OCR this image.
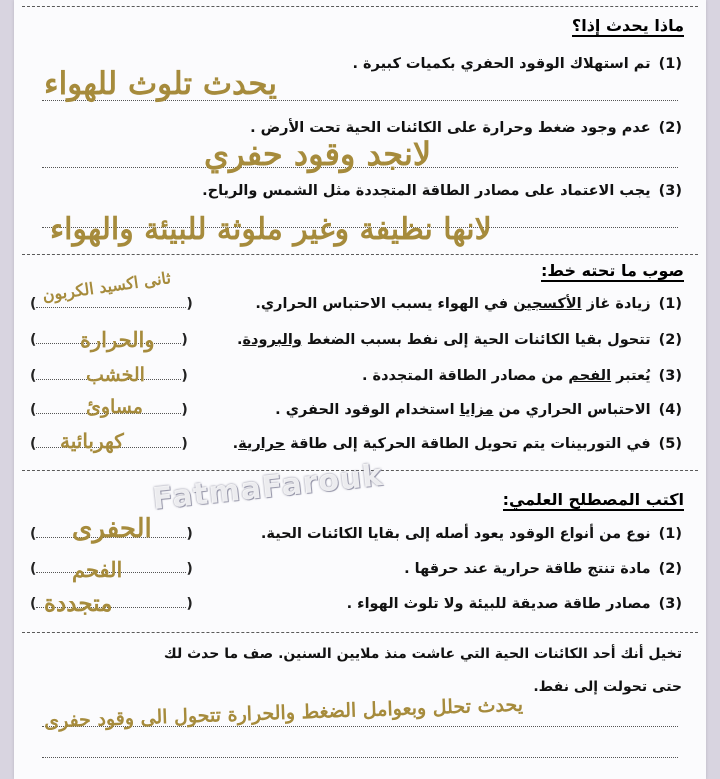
ماذا يحدث إذا؟
(1)تم استهلاك الوقود الحفري بكميات كبيرة .
يحدث تلوث للهواء
(2)عدم وجود ضغط وحرارة على الكائنات الحية تحت الأرض .
لانجد وقود حفري
(3)يجب الاعتماد على مصادر الطاقة المتجددة مثل الشمس والرياح.
لانها نظيفة وغير ملوثة للبيئة والهواء
صوب ما تحته خط:
(1)زيادة غاز الأكسجين في الهواء يسبب الاحتباس الحراري.
(	)
ثانى اكسيد الكربون
(2)تتحول بقيا الكائنات الحية إلى نفط بسبب الضغط والبرودة.
(	)
والحرارة
(3)يُعتبر الفحم من مصادر الطاقة المتجددة .
(	)
الخشب
(4)الاحتباس الحراري من مزايا استخدام الوقود الحفري .
(	)
مساوئ
(5)في التوربينات يتم تحويل الطاقة الحركية إلى طاقة حرارية.
(	)
كهربائية
FatmaFarouk	اكتب المصطلح العلمي:
(1)نوع من أنواع الوقود يعود أصله إلى بقايا الكائنات الحية.
(	)
الحفرى
(2)مادة تنتج طاقة حرارية عند حرقها .
(	)
الفحم
(3)مصادر طاقة صديقة للبيئة ولا تلوث الهواء .
(	)
متجددة
تخيل أنك أحد الكائنات الحية التي عاشت منذ ملايين السنين. صف ما حدث لك
حتى تحولت إلى نفط.
يحدث تحلل وبعوامل الضغط والحرارة تتحول الى وقود حفرى
